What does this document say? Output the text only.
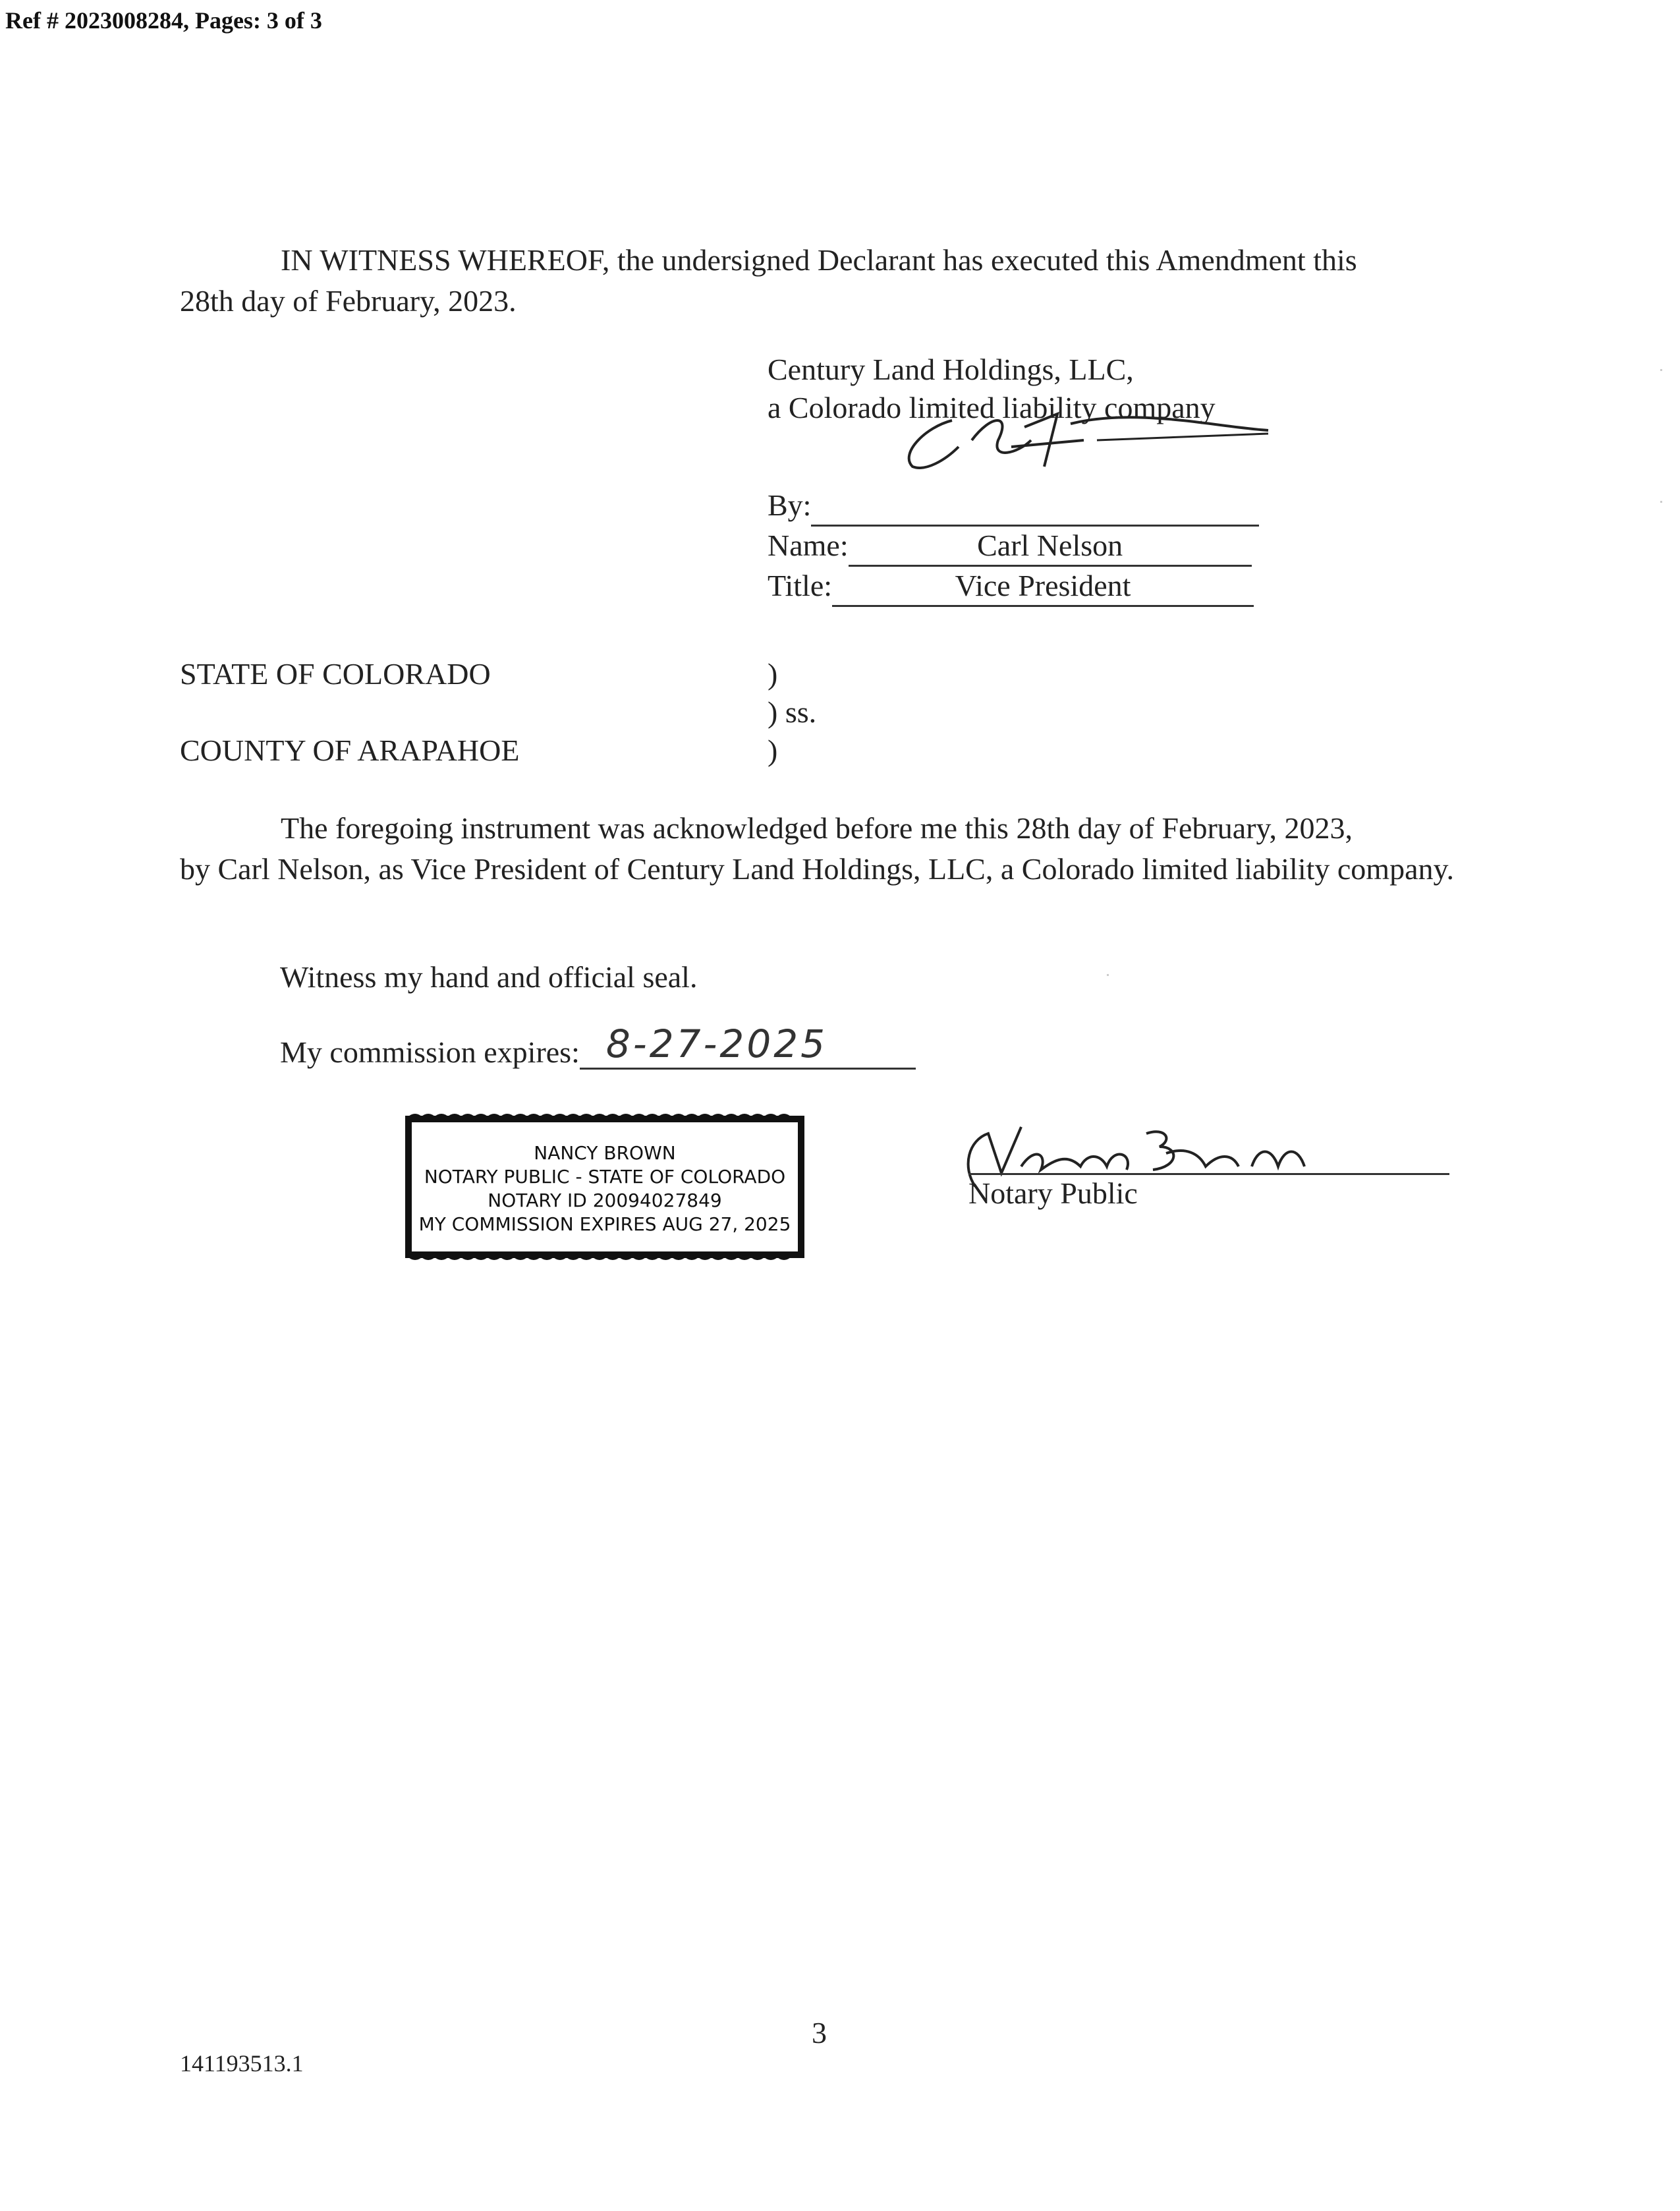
Ref # 2023008284, Pages: 3 of 3
IN WITNESS WHEREOF, the undersigned Declarant has executed this Amendment this
28th day of February, 2023.
Century Land Holdings, LLC,
a Colorado limited liability company
By:
Name:	Carl Nelson
Title:	Vice President
STATE OF COLORADO
COUNTY OF ARAPAHOE
)
) ss.
)
The foregoing instrument was acknowledged before me this 28th day of February, 2023,
by Carl Nelson, as Vice President of Century Land Holdings, LLC, a Colorado limited liability company.
Witness my hand and official seal.
My commission expires: 8-27-2025
NANCY BROWN
NOTARY PUBLIC - STATE OF COLORADO
NOTARY ID 20094027849
MY COMMISSION EXPIRES AUG 27, 2025
Notary Public
3
141193513.1
